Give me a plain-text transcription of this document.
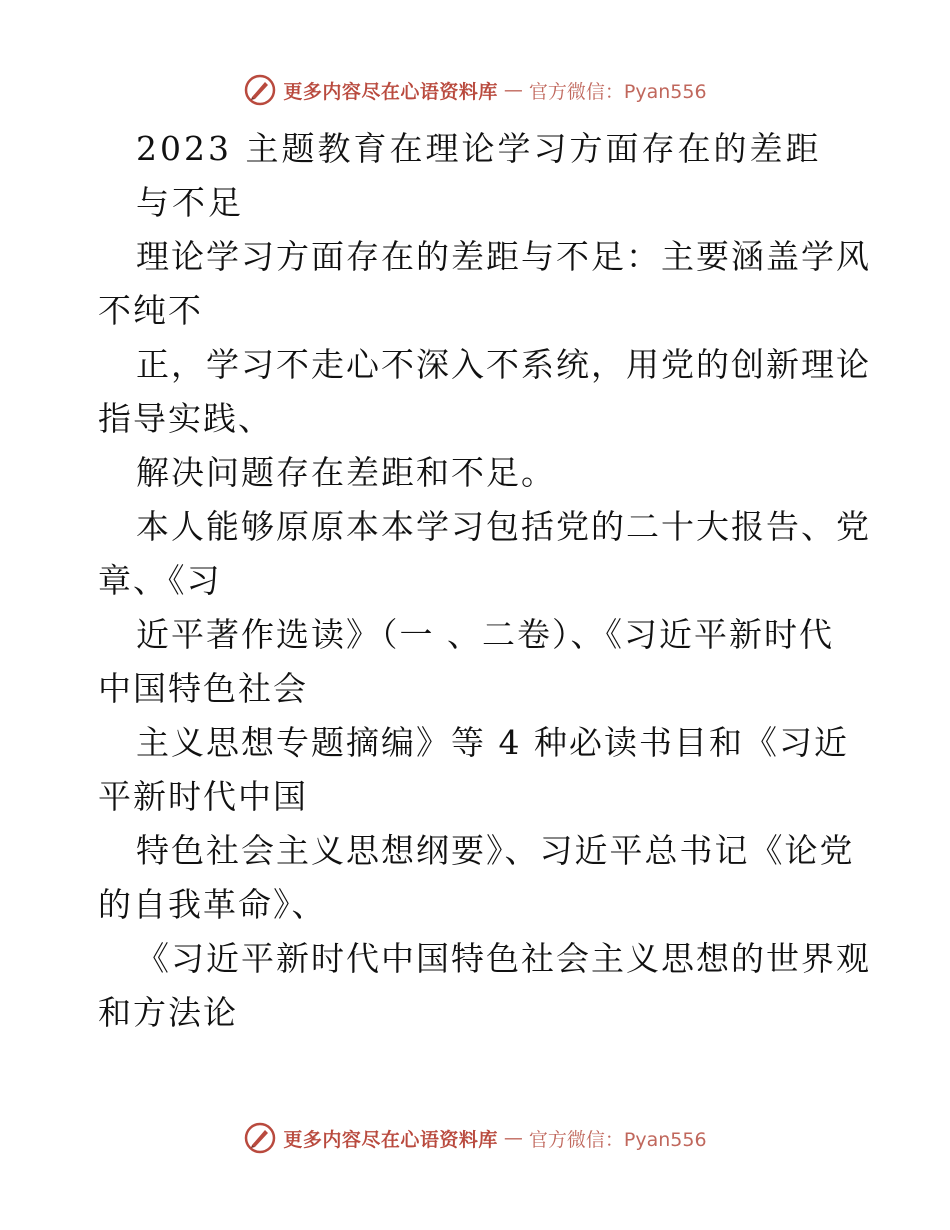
更多内容尽在心语资料库 — 官方微信：Pyan556
2023 主题教育在理论学习方面存在的差距
与不足
理论学习方面存在的差距与不足：主要涵盖学风
不纯不
正，学习不走心不深入不系统，用党的创新理论
指导实践、
解决问题存在差距和不足。
本人能够原原本本学习包括党的二十大报告、党
章、《习
近平著作选读》（一 、二卷）、《习近平新时代
中国特色社会
主义思想专题摘编》等 4 种必读书目和《习近
平新时代中国
特色社会主义思想纲要》、习近平总书记《论党
的自我革命》、
《习近平新时代中国特色社会主义思想的世界观
和方法论
更多内容尽在心语资料库 — 官方微信：Pyan556
